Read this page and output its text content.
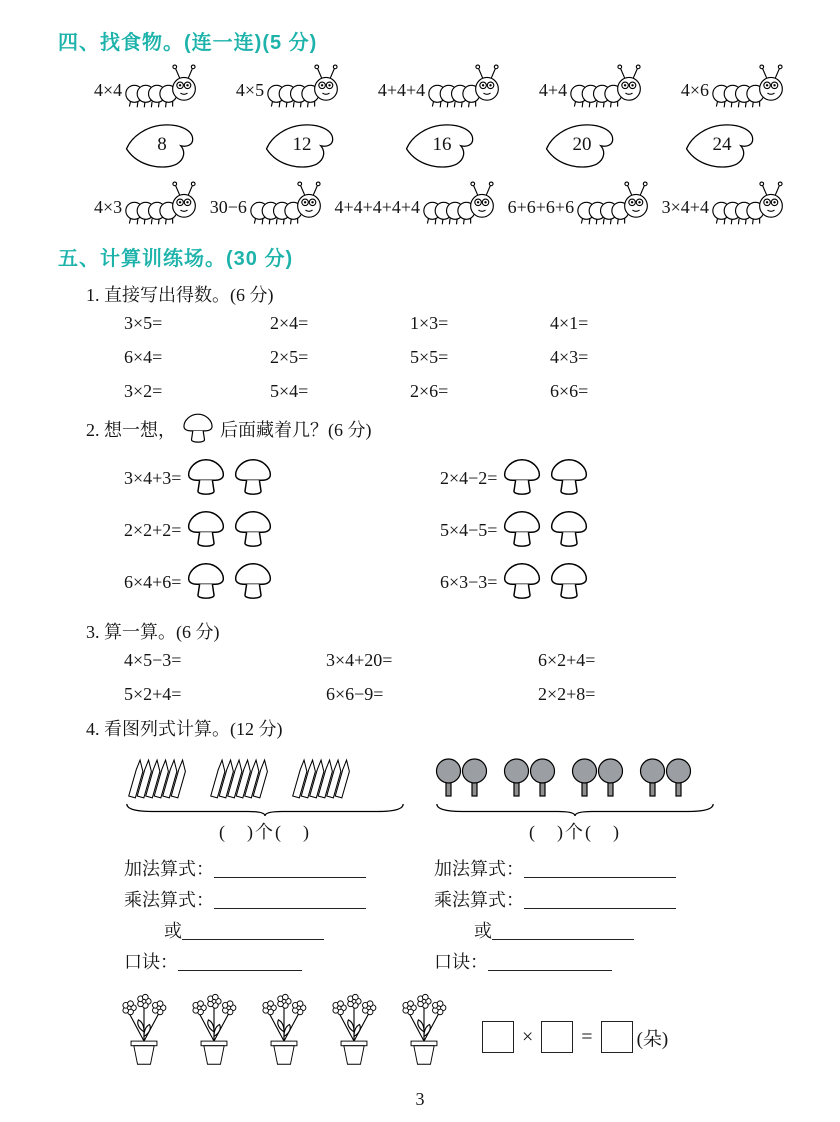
四、找食物。(连一连)(5 分)
4×4	4×5	4+4+4	4+4	4×6
8	12	16	20	24
4×3	30−6	4+4+4+4+4	6+6+6+6	3×4+4
五、计算训练场。(30 分)
1. 直接写出得数。(6 分)
3×5=	2×4=	1×3=	4×1=
6×4=	2×5=	5×5=	4×3=
3×2=	5×4=	2×6=	6×6=
2. 想一想， 后面藏着几？(6 分)
3×4+3=	2×4−2=
2×2+2=	5×4−5=
6×4+6=	6×3−3=
3. 算一算。(6 分)
4×5−3=	3×4+20=	6×2+4=
5×2+4=	6×6−9=	2×2+8=
4. 看图列式计算。(12 分)
(　)个(　)	(　)个(　)
加法算式：
乘法算式：
或
口诀：
加法算式：
乘法算式：
或
口诀：
× = (朵)
3
